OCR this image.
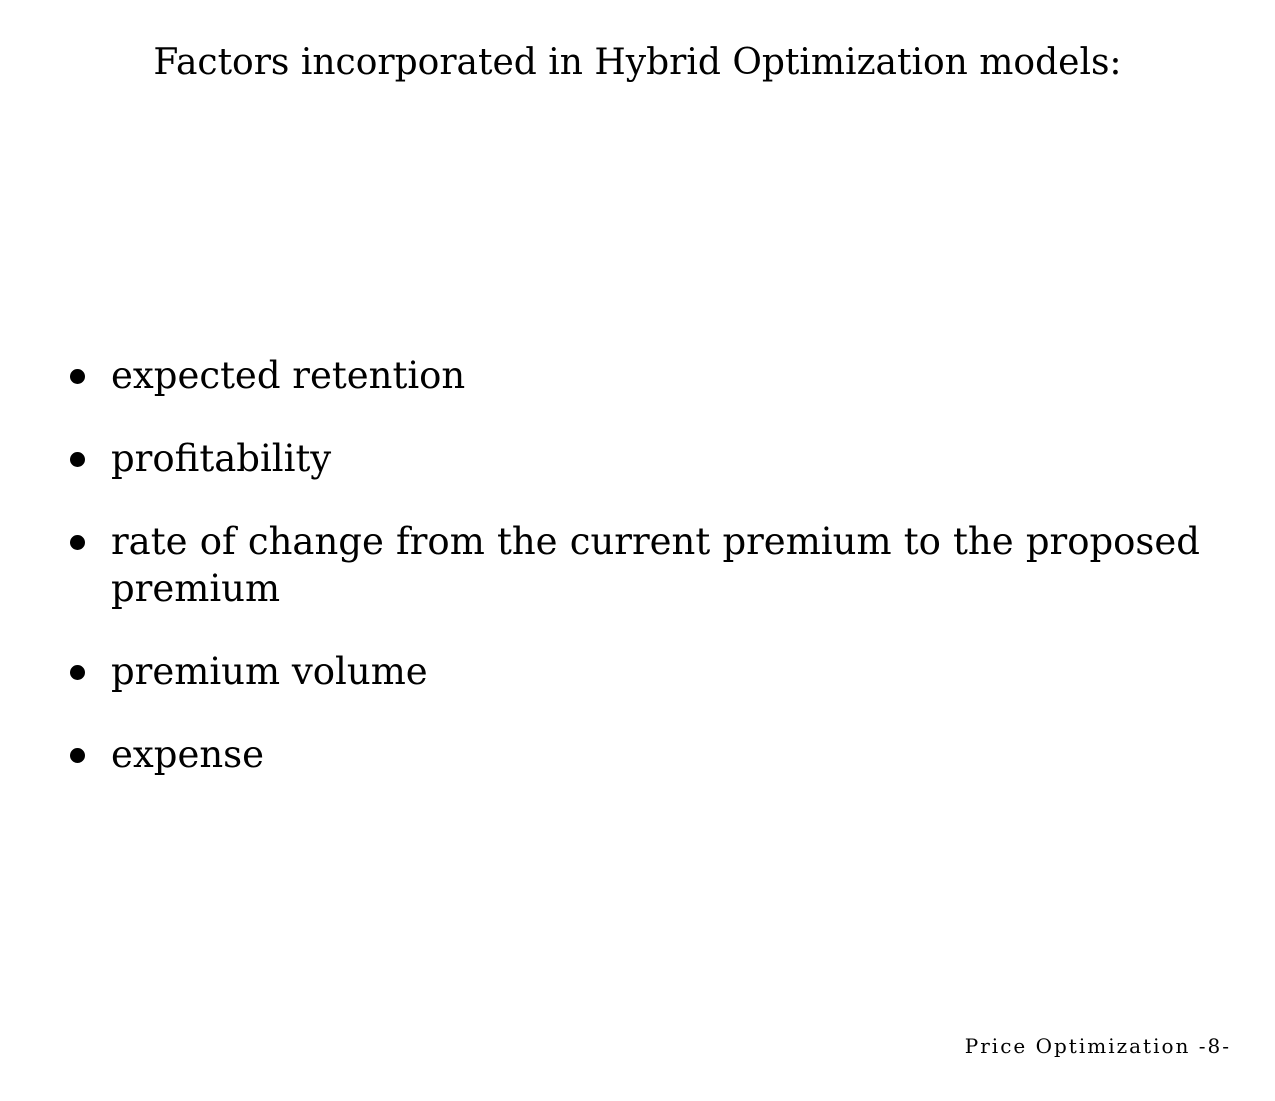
Factors incorporated in Hybrid Optimization models:
expected retention
profitability
rate of change from the current premium to the proposed premium
premium volume
expense
Price Optimization -8-
